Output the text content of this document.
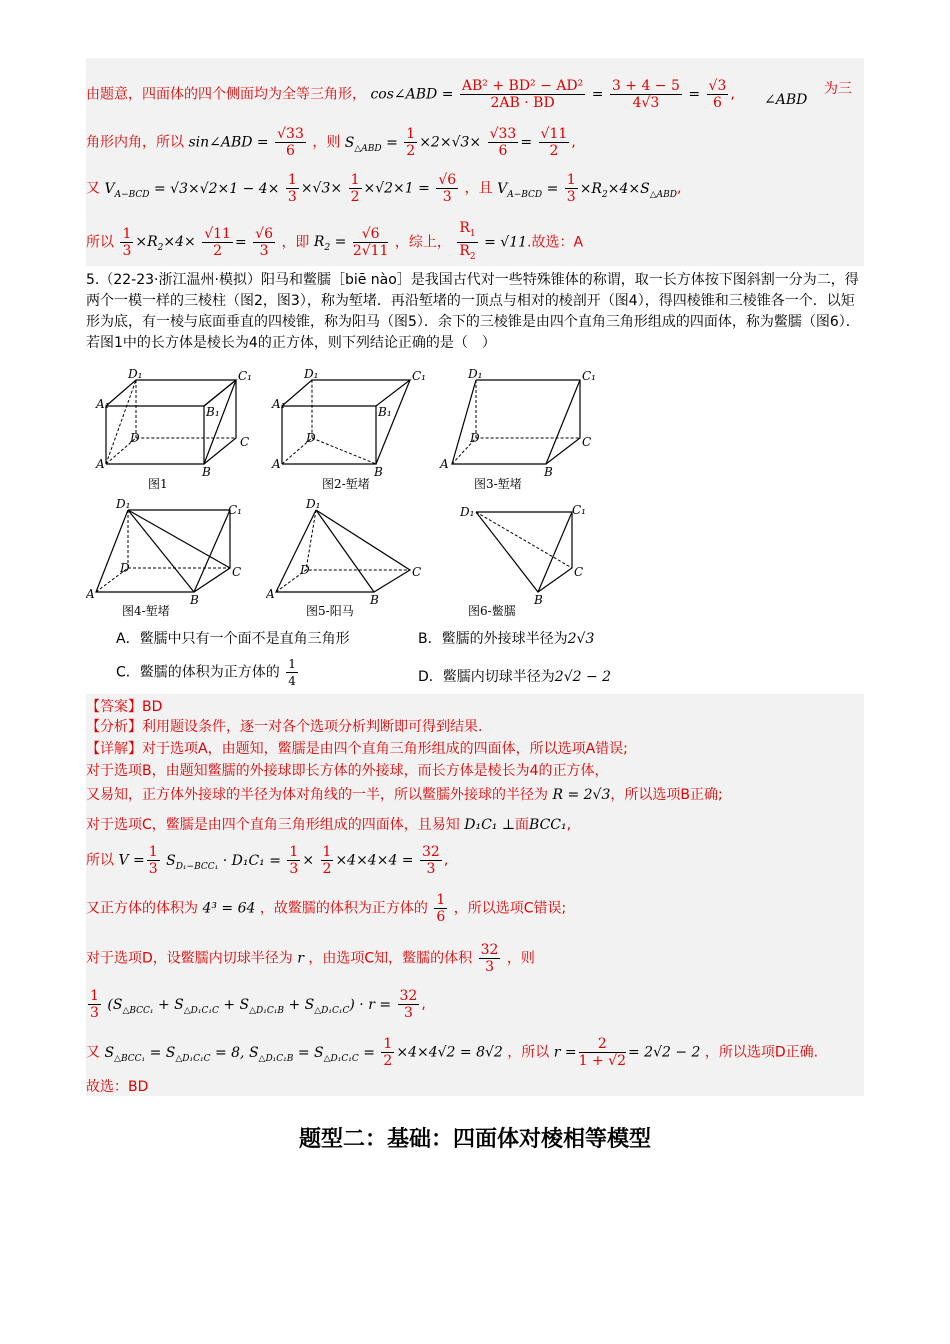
由题意，四面体的四个侧面均为全等三角形， cos∠ABD = $\frac{\text{AB² + BD² − AD²}}{2AB \cdot BD} = \frac{3 + 4 - 5}{4√3} = \frac{√3}{6}$ , ∠ABD
为三
角形内角，所以 sin∠ABD = $\frac{√33}{6}$ ，则 $S_{\triangle ABD} = \frac{1}{2} \times 2\times√3\times \frac{√33}{6} = \frac{√11}{2}$ ,
又 $V_{A-BCD} = √3\times√2\times 1 - 4\times \frac{1}{3} \times√3\times \frac{1}{2} \times√2\times 1 = \frac{√6}{3}$ ，且 $V_{A-BCD} = \frac{1}{3} \times R_2\times 4\times S_{\triangle ABD}$,
所以 $\frac{1}{3} \times R_2\times 4\times \frac{√11}{2} = \frac{√6}{3}$ ，即 $R_2 = \frac{√6}{2√11}$ ，综上， $\frac{R_1}{R_2} = √11$.故选：A
5.（22-23·浙江温州·模拟）阳马和鳖臑［biē nào］是我国古代对一些特殊锥体的称谓，取一长方体按下图斜割一分为二，得两个一模一样的三棱柱（图2，图3），称为堑堵．再沿堑堵的一顶点与相对的棱剖开（图4），得四棱锥和三棱锥各一个．以矩形为底，有一棱与底面垂直的四棱锥，称为阳马（图5）．余下的三棱锥是由四个直角三角形组成的四面体，称为鳖臑（图6）．若图1中的长方体是棱长为4的正方体，则下列结论正确的是（　）
A₁
D₁	C₁
B₁
D	C
A
B
图1
A₁
D₁	C₁
B₁
D
A
B
图2-堑堵
D₁	C₁
D	C
A
B
图3-堑堵
D₁	C₁
D	C
A	B
图4-堑堵
D₁
D	C
A	B
图5-阳马
D₁	C₁
C
B
图6-鳖臑
A．鳖臑中只有一个面不是直角三角形	B．鳖臑的外接球半径为2√3
C．鳖臑的体积为正方体的 $\frac{1}{4}$	D．鳖臑内切球半径为2√2 − 2
【答案】BD
【分析】利用题设条件，逐一对各个选项分析判断即可得到结果.
【详解】对于选项A，由题知，鳖臑是由四个直角三角形组成的四面体，所以选项A错误;
对于选项B，由题知鳖臑的外接球即长方体的外接球，而长方体是棱长为4的正方体，
又易知，正方体外接球的半径为体对角线的一半，所以鳖臑外接球的半径为 R = 2√3，所以选项B正确;
对于选项C，鳖臑是由四个直角三角形组成的四面体，且易知 D₁C₁ ⊥面BCC₁,
所以 $V = \frac{1}{3} S_{D_1-BCC_1} \cdot D_1C_1 = \frac{1}{3} \times \frac{1}{2} \times 4\times 4\times 4 = \frac{32}{3}$ ,
又正方体的体积为 4³ = 64 ，故鳖臑的体积为正方体的 $\frac{1}{6}$ ，所以选项C错误;
对于选项D，设鳖臑内切球半径为 r ，由选项C知，鳖臑的体积 $\frac{32}{3}$ ，则
$\frac{1}{3} (S_{\triangle BCC_1} + S_{\triangle D_1C_1C} + S_{\triangle D_1C_1B} + S_{\triangle D_1C_1C}) \cdot r = \frac{32}{3}$ ,
又 $S_{\triangle BCC_1} = S_{\triangle D_1C_1C} = 8$, $S_{\triangle D_1C_1B} = S_{\triangle D_1C_1C} = \frac{1}{2} \times 4\times 4√2 = 8√2$ ，所以 $r = \frac{2}{1 + √2} = 2√2 - 2$ ，所以选项D正确.
故选：BD
题型二：基础：四面体对棱相等模型
